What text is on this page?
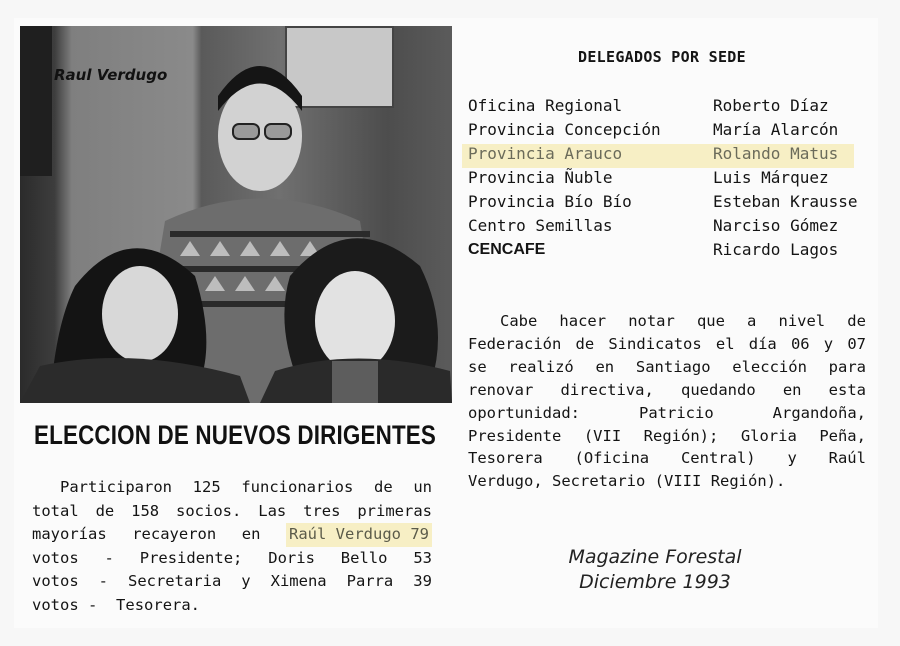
Raul Verdugo
ELECCION DE NUEVOS DIRIGENTES
Participaron 125 funcionarios de un
total de 158 socios. Las tres primeras
mayorías recayeron en Raúl Verdugo 79
votos - Presidente; Doris Bello 53
votos - Secretaria y Ximena Parra 39
votos
-
Tesorera.
DELEGADOS POR SEDE
Oficina Regional	Roberto Díaz
Provincia Concepción	María Alarcón
Provincia Arauco	Rolando Matus
Provincia Ñuble	Luis Márquez
Provincia Bío Bío	Esteban Krausse
Centro Semillas	Narciso Gómez
CENCAFE	Ricardo Lagos
Cabe hacer notar que a nivel de
Federación de Sindicatos el día 06 y 07
se realizó en Santiago elección para
renovar directiva, quedando en esta
oportunidad:	Patricio	Argandoña,
Presidente (VII Región); Gloria Peña,
Tesorera (Oficina Central) y Raúl
Verdugo,
Secretario
(VIII
Región).
Magazine Forestal
Diciembre 1993
